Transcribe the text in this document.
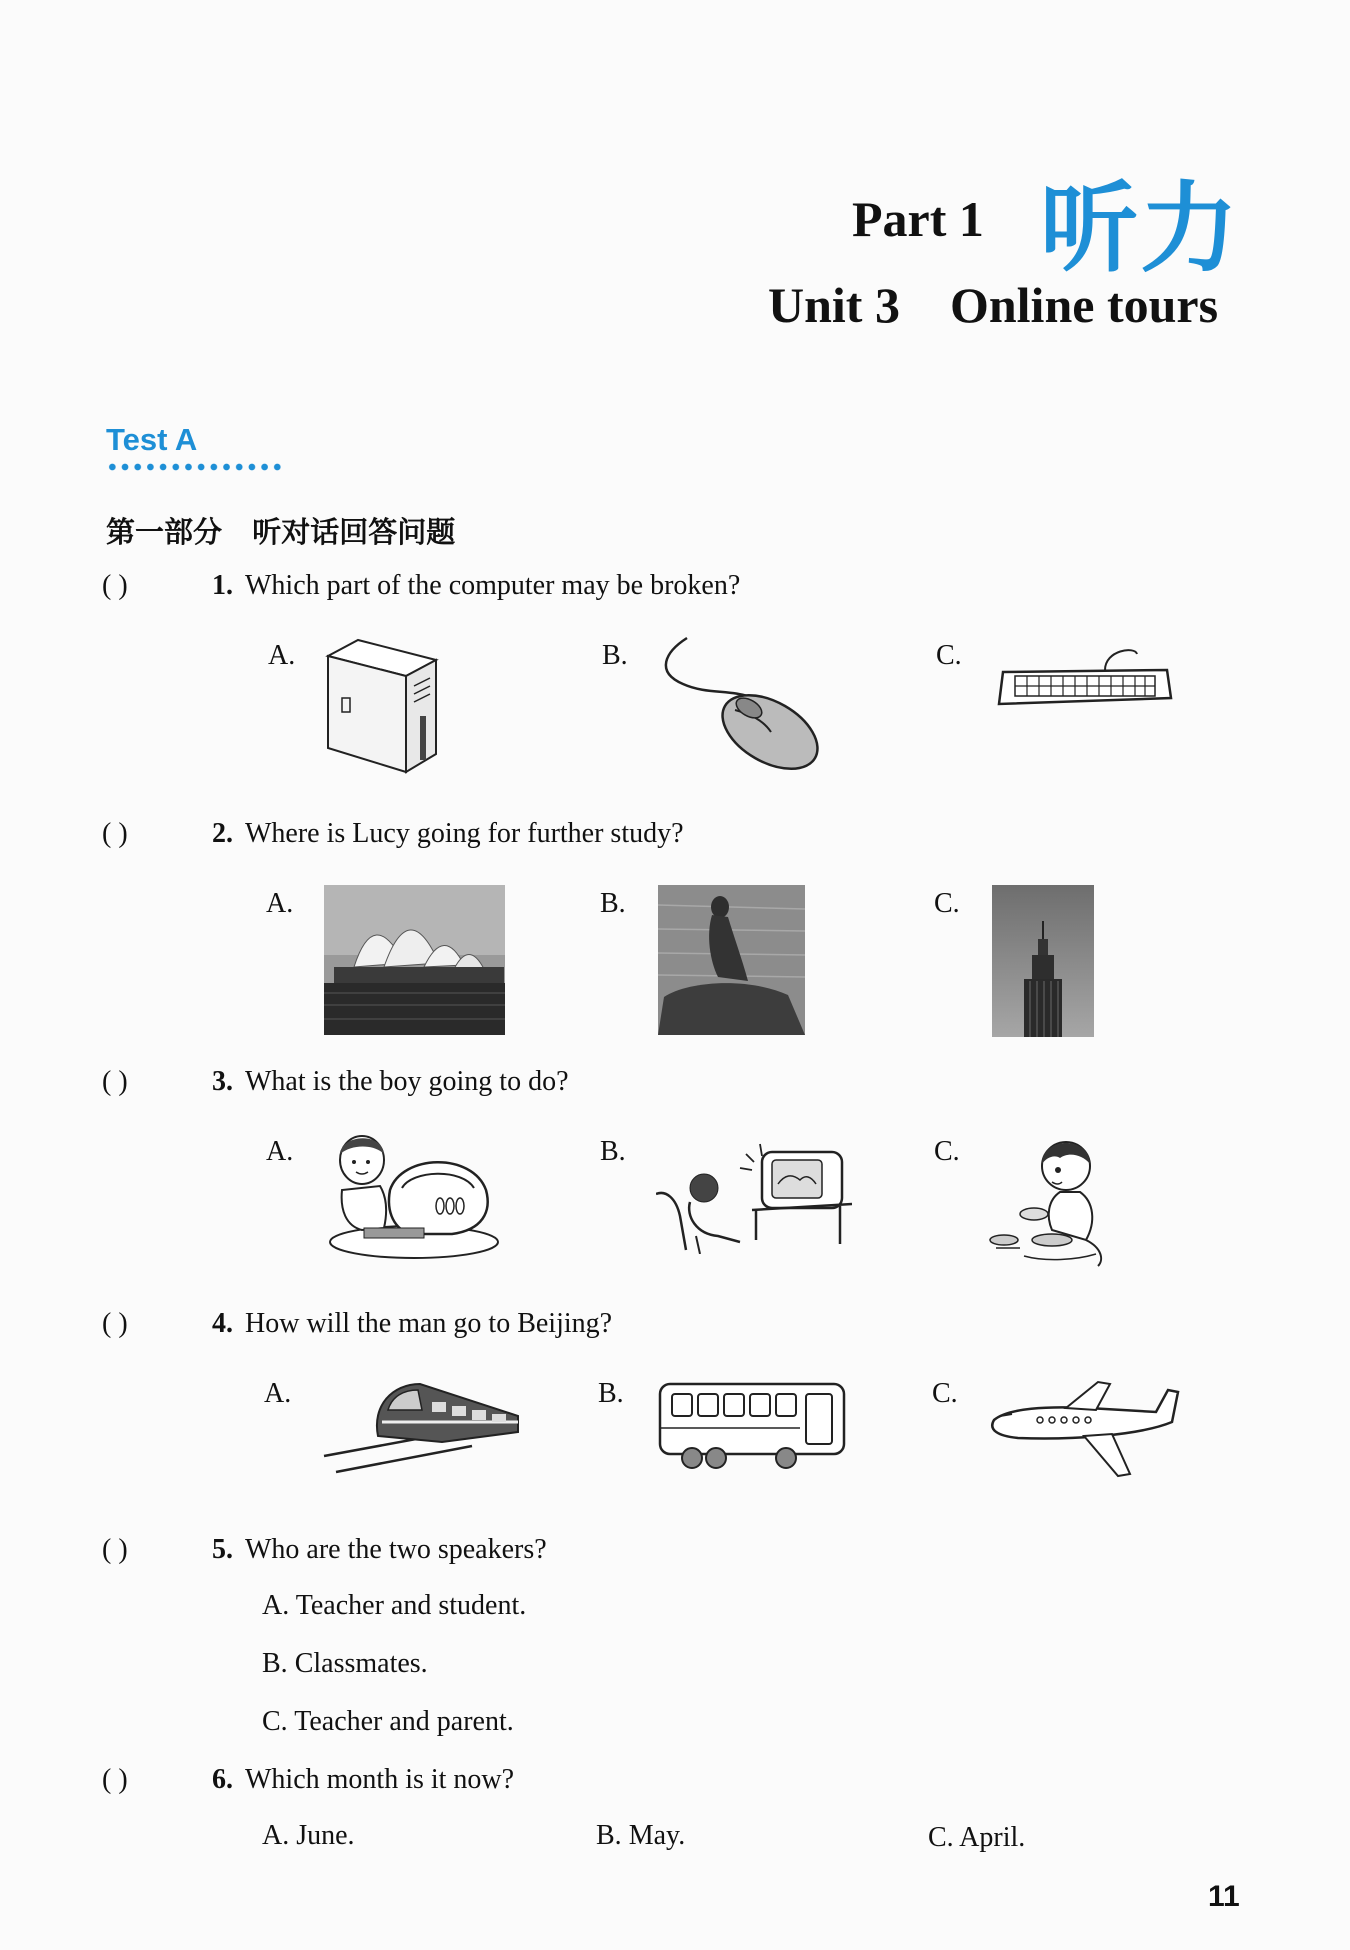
Part 1 听力
Unit 3    Online tours
Test A
第一部分   听对话回答问题
( )	1. Which part of the computer may be broken?
A.	B.	C.
( )	2. Where is Lucy going for further study?
A.	B.	C.
( )	3. What is the boy going to do?
A.	B.	C.
( )	4. How will the man go to Beijing?
A.	B.	C.
( )	5. Who are the two speakers?
A. Teacher and student.
B. Classmates.
C. Teacher and parent.
( )	6. Which month is it now?
A. June.	B. May.	C. April.
11
